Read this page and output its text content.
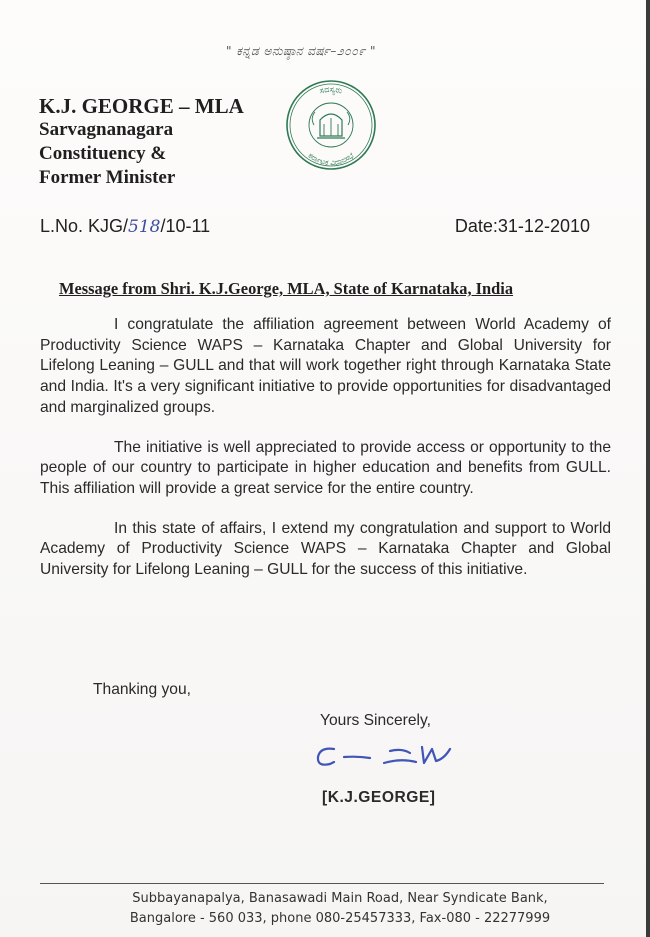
" ಕನ್ನಡ ಅನುಷ್ಠಾನ ವರ್ಷ–೨೦೦೯ "
ಸದಸ್ಯರು
ಕರ್ನಾಟಕ ವಿಧಾನಸಭೆ
K.J. GEORGE – MLA
Sarvagnanagara
Constituency &
Former Minister
L.No. KJG/518/10-11	Date:31-12-2010
Message from Shri. K.J.George, MLA, State of Karnataka, India

I congratulate the affiliation agreement between World Academy of Productivity Science WAPS – Karnataka Chapter and Global University for Lifelong Leaning – GULL and that will work together right through Karnataka State and India. It's a very significant initiative to provide opportunities for disadvantaged and marginalized groups.

The initiative is well appreciated to provide access or opportunity to the people of our country to participate in higher education and benefits from GULL. This affiliation will provide a great service for the entire country.

In this state of affairs, I extend my congratulation and support to World Academy of Productivity Science WAPS – Karnataka Chapter and Global University for Lifelong Leaning – GULL for the success of this initiative.

Thanking you,
Yours Sincerely,
[K.J.GEORGE]
Subbayanapalya, Banasawadi Main Road, Near Syndicate Bank,
Bangalore - 560 033, phone 080-25457333, Fax-080 - 22277999
